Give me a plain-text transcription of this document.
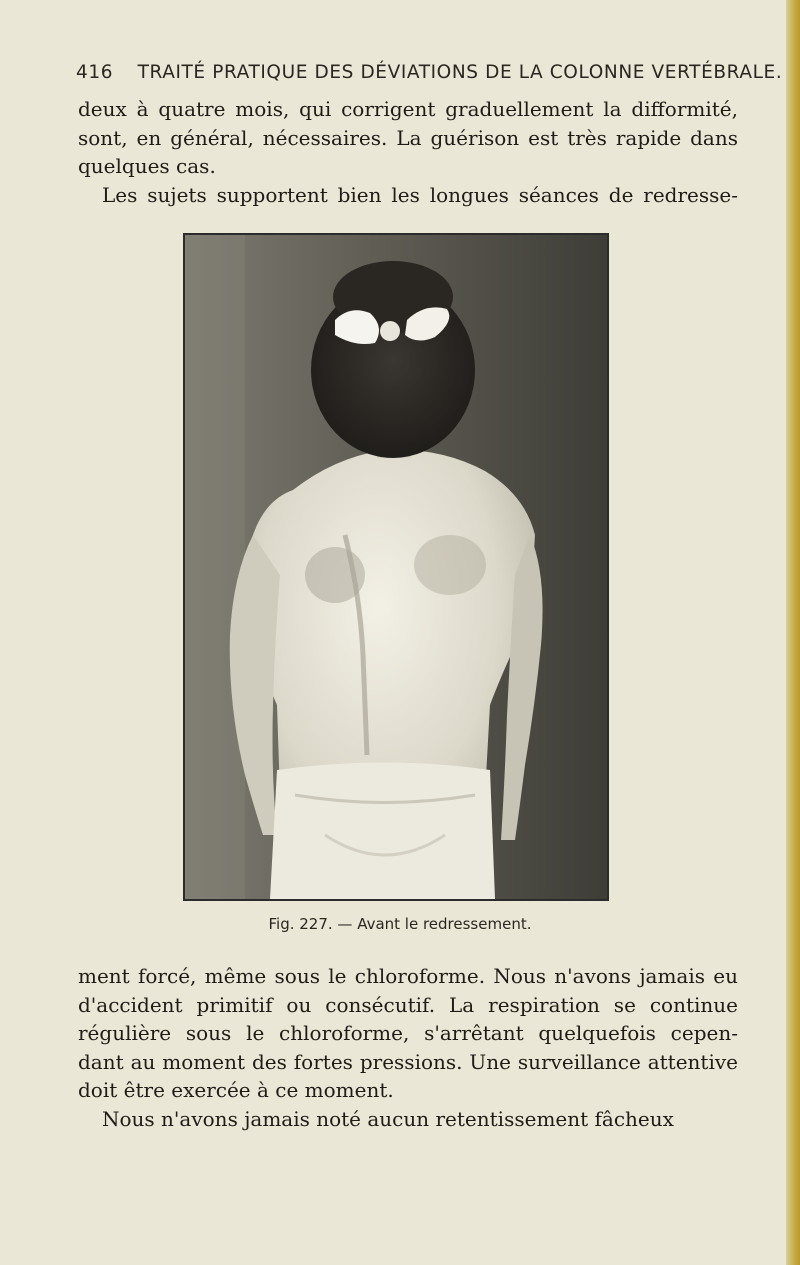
416 TRAITÉ PRATIQUE DES DÉVIATIONS DE LA COLONNE VERTÉBRALE.
deux à quatre mois, qui corrigent graduellement la difformité,
sont, en général, nécessaires. La guérison est très rapide dans
quelques cas.
Les sujets supportent bien les longues séances de redresse-
Fig. 227. — Avant le redressement.
ment forcé, même sous le chloroforme. Nous n'avons jamais eu
d'accident primitif ou consécutif. La respiration se continue
régulière sous le chloroforme, s'arrêtant quelquefois cepen-
dant au moment des fortes pressions. Une surveillance attentive
doit être exercée à ce moment.
Nous n'avons jamais noté aucun retentissement fâcheux
